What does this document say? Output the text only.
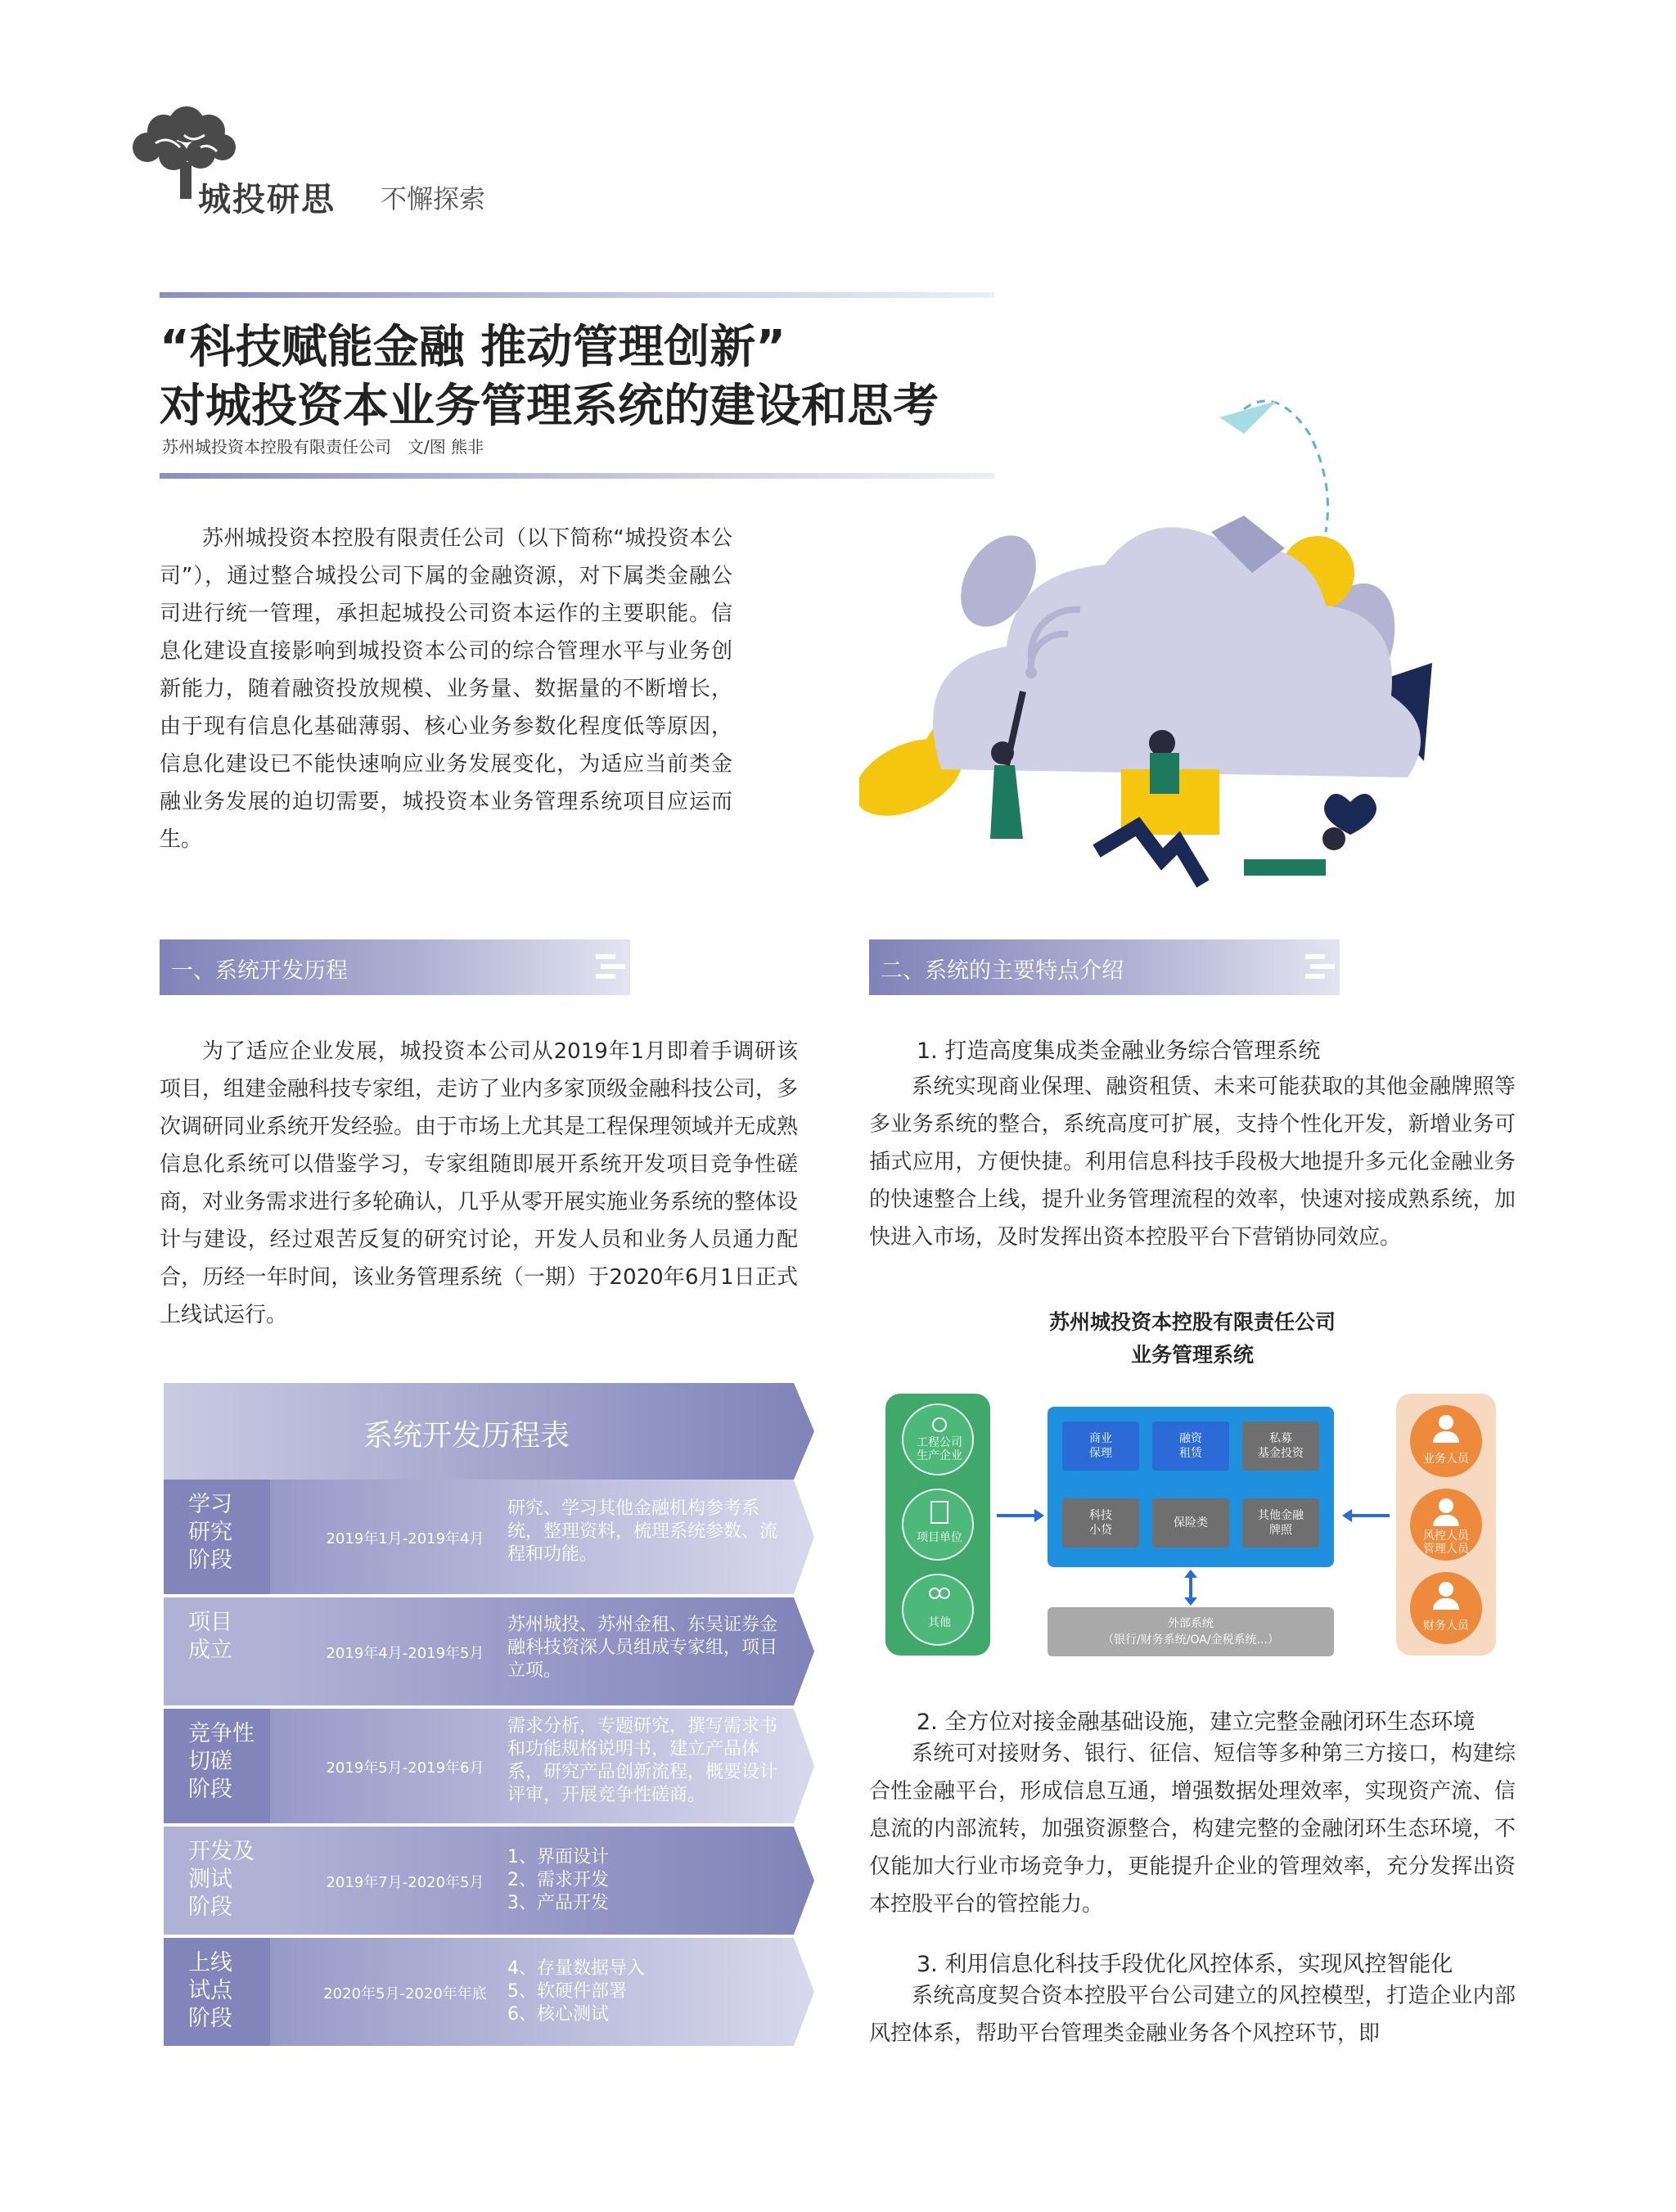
城投研思 不懈探索
“科技赋能金融 推动管理创新”
对城投资本业务管理系统的建设和思考
苏州城投资本控股有限责任公司　文/图 熊非

苏州城投资本控股有限责任公司（以下简称“城投资本公司”），通过整合城投公司下属的金融资源，对下属类金融公司进行统一管理，承担起城投公司资本运作的主要职能。信息化建设直接影响到城投资本公司的综合管理水平与业务创新能力，随着融资投放规模、业务量、数据量的不断增长，由于现有信息化基础薄弱、核心业务参数化程度低等原因，信息化建设已不能快速响应业务发展变化，为适应当前类金融业务发展的迫切需要，城投资本业务管理系统项目应运而生。

一、系统开发历程

为了适应企业发展，城投资本公司从2019年1月即着手调研该项目，组建金融科技专家组，走访了业内多家顶级金融科技公司，多次调研同业系统开发经验。由于市场上尤其是工程保理领域并无成熟信息化系统可以借鉴学习，专家组随即展开系统开发项目竞争性磋商，对业务需求进行多轮确认，几乎从零开展实施业务系统的整体设计与建设，经过艰苦反复的研究讨论，开发人员和业务人员通力配合，历经一年时间，该业务管理系统（一期）于2020年6月1日正式上线试运行。

系统开发历程表
学习
研究
阶段
2019年1月-2019年4月
研究、学习其他金融机构参考系统，整理资料，梳理系统参数、流程和功能。
项目
成立	2019年4月-2019年5月
苏州城投、苏州金租、东吴证券金融科技资深人员组成专家组，项目立项。
竞争性
切磋
阶段
2019年5月-2019年6月
需求分析，专题研究，撰写需求书和功能规格说明书，建立产品体系，研究产品创新流程，概要设计评审，开展竞争性磋商。
开发及
测试
阶段
2019年7月-2020年5月
1、界面设计
2、需求开发
3、产品开发
上线
试点
阶段
2020年5月-2020年年底
4、存量数据导入
5、软硬件部署
6、核心测试
二、系统的主要特点介绍
1. 打造高度集成类金融业务综合管理系统

系统实现商业保理、融资租赁、未来可能获取的其他金融牌照等多业务系统的整合，系统高度可扩展，支持个性化开发，新增业务可插式应用，方便快捷。利用信息科技手段极大地提升多元化金融业务的快速整合上线，提升业务管理流程的效率，快速对接成熟系统，加快进入市场，及时发挥出资本控股平台下营销协同效应。

苏州城投资本控股有限责任公司
业务管理系统
工程公司
生产企业
项目单位
其他
商业
保理
融资
租赁
私募
基金投资
科技
小贷
保险类
其他金融
牌照
外部系统
（银行/财务系统/OA/金税系统...）
业务人员
风控人员
管理人员
财务人员
2. 全方位对接金融基础设施，建立完整金融闭环生态环境

系统可对接财务、银行、征信、短信等多种第三方接口，构建综合性金融平台，形成信息互通，增强数据处理效率，实现资产流、信息流的内部流转，加强资源整合，构建完整的金融闭环生态环境，不仅能加大行业市场竞争力，更能提升企业的管理效率，充分发挥出资本控股平台的管控能力。

3. 利用信息化科技手段优化风控体系，实现风控智能化

系统高度契合资本控股平台公司建立的风控模型，打造企业内部风控体系，帮助平台管理类金融业务各个风控环节，即
